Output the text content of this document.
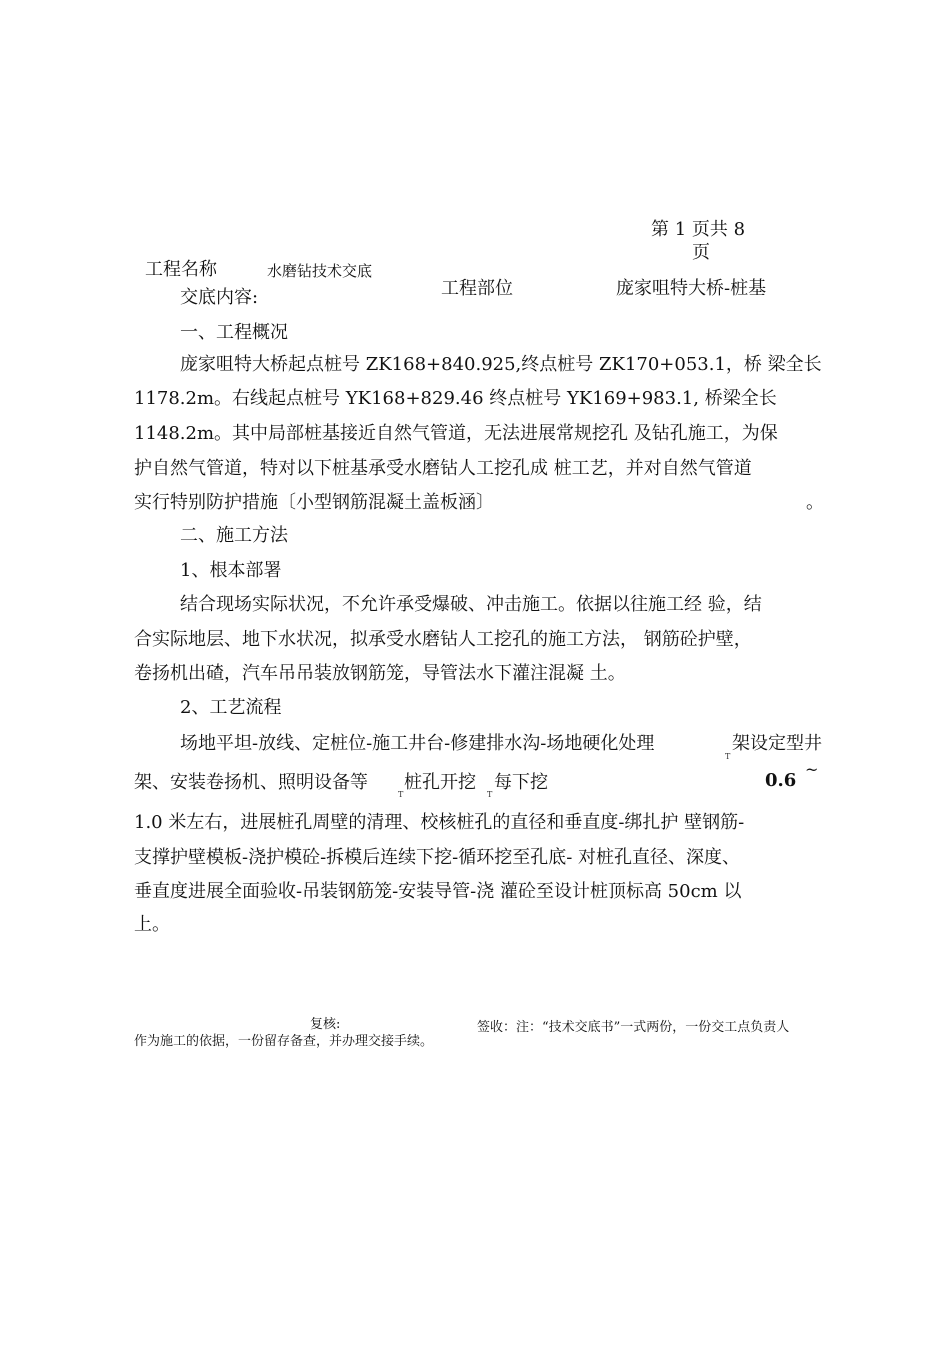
第 1 页共 8
页
工程名称	水磨钻技术交底
交底内容:	工程部位	庞家咀特大桥-桩基
一、工程概况
庞家咀特大桥起点桩号 ZK168+840.925,终点桩号 ZK170+053.1，桥 梁全长
1178.2m。右线起点桩号 YK168+829.46 终点桩号 YK169+983.1, 桥梁全长
1148.2m。其中局部桩基接近自然气管道，无法进展常规挖孔 及钻孔施工，为保
护自然气管道，特对以下桩基承受水磨钻人工挖孔成 桩工艺，并对自然气管道
实行特别防护措施〔小型钢筋混凝土盖板涵〕	。
二、施工方法
1、根本部署
结合现场实际状况，不允许承受爆破、冲击施工。依据以往施工经 验，结
合实际地层、地下水状况，拟承受水磨钻人工挖孔的施工方法， 钢筋砼护壁，
卷扬机出碴，汽车吊吊装放钢筋笼，导管法水下灌注混凝 土。
2、工艺流程
场地平坦-放线、定桩位-施工井台-修建排水沟-场地硬化处理
T
架设定型井
架、安装卷扬机、照明设备等
T
桩孔开挖
T
每下挖	0.6
~
1.0 米左右，进展桩孔周壁的清理、校核桩孔的直径和垂直度-绑扎护 壁钢筋-
支撑护壁模板-浇护模砼-拆模后连续下挖-循环挖至孔底- 对桩孔直径、深度、
垂直度进展全面验收-吊装钢筋笼-安装导管-浇 灌砼至设计桩顶标高 50cm 以
上。
复核:	签收：注：“技术交底书”一式两份，一份交工点负责人
作为施工的依据，一份留存备查，并办理交接手续。
